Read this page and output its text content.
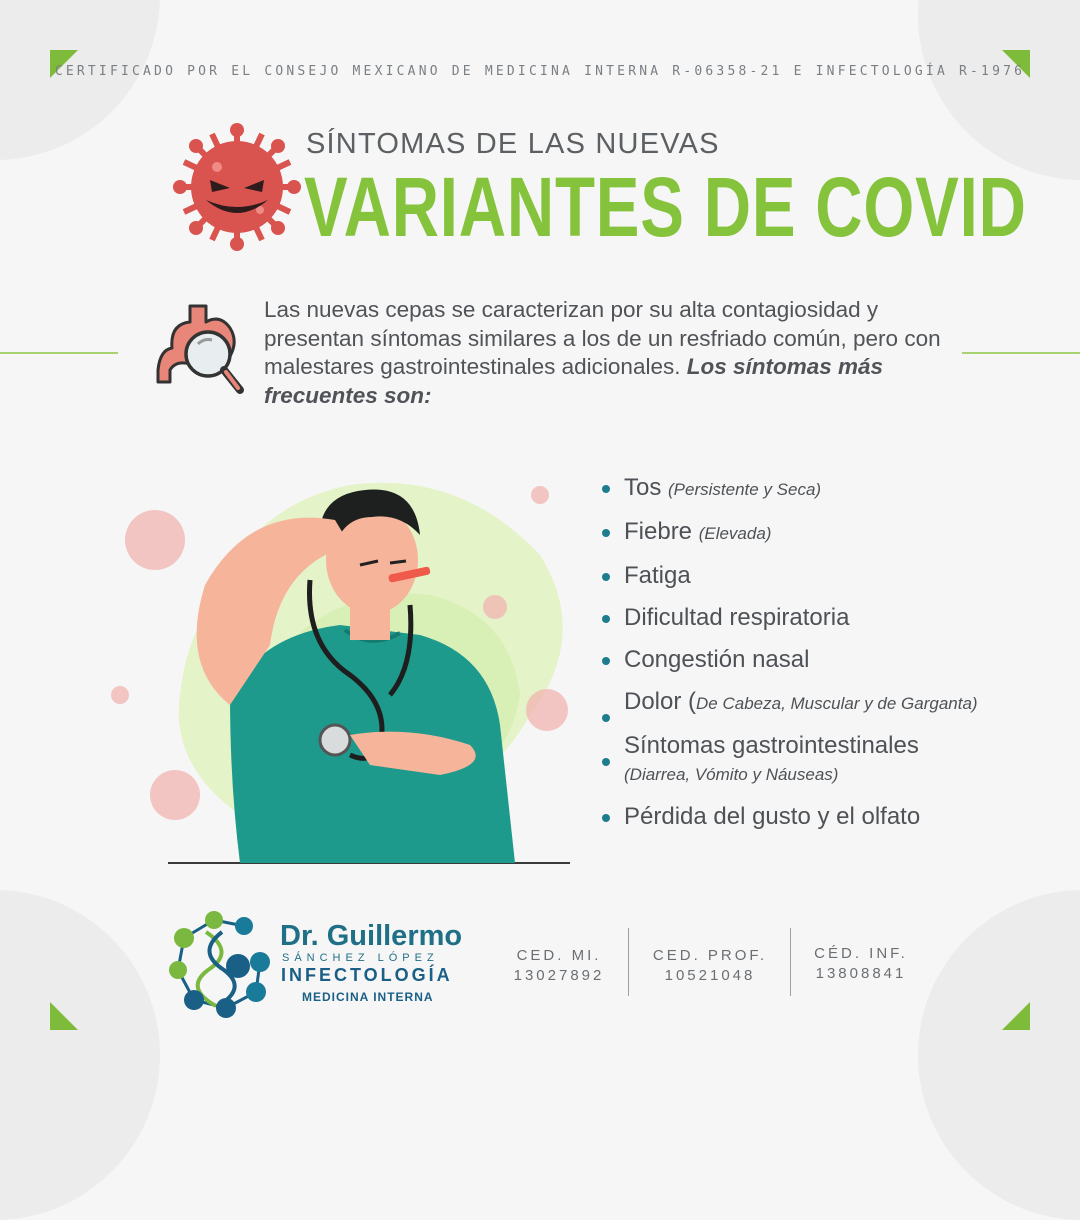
CERTIFICADO POR EL CONSEJO MEXICANO DE MEDICINA INTERNA R-06358-21 E INFECTOLOGÍA R-1976
SÍNTOMAS DE LAS NUEVAS
VARIANTES DE COVID
Las nuevas cepas se caracterizan por su alta contagiosidad y presentan síntomas similares a los de un resfriado común, pero con malestares gastrointestinales adicionales. Los síntomas más frecuentes son:
Tos (Persistente y Seca)
Fiebre (Elevada)
Fatiga
Dificultad respiratoria
Congestión nasal
Dolor (De Cabeza, Muscular y de Garganta)
Síntomas gastrointestinales
(Diarrea, Vómito y Náuseas)
Pérdida del gusto y el olfato
Dr. Guillermo
SÁNCHEZ LÓPEZ
INFECTOLOGÍA
MEDICINA INTERNA
CED. MI.
13027892
CED. PROF.
10521048
CÉD. INF.
13808841
